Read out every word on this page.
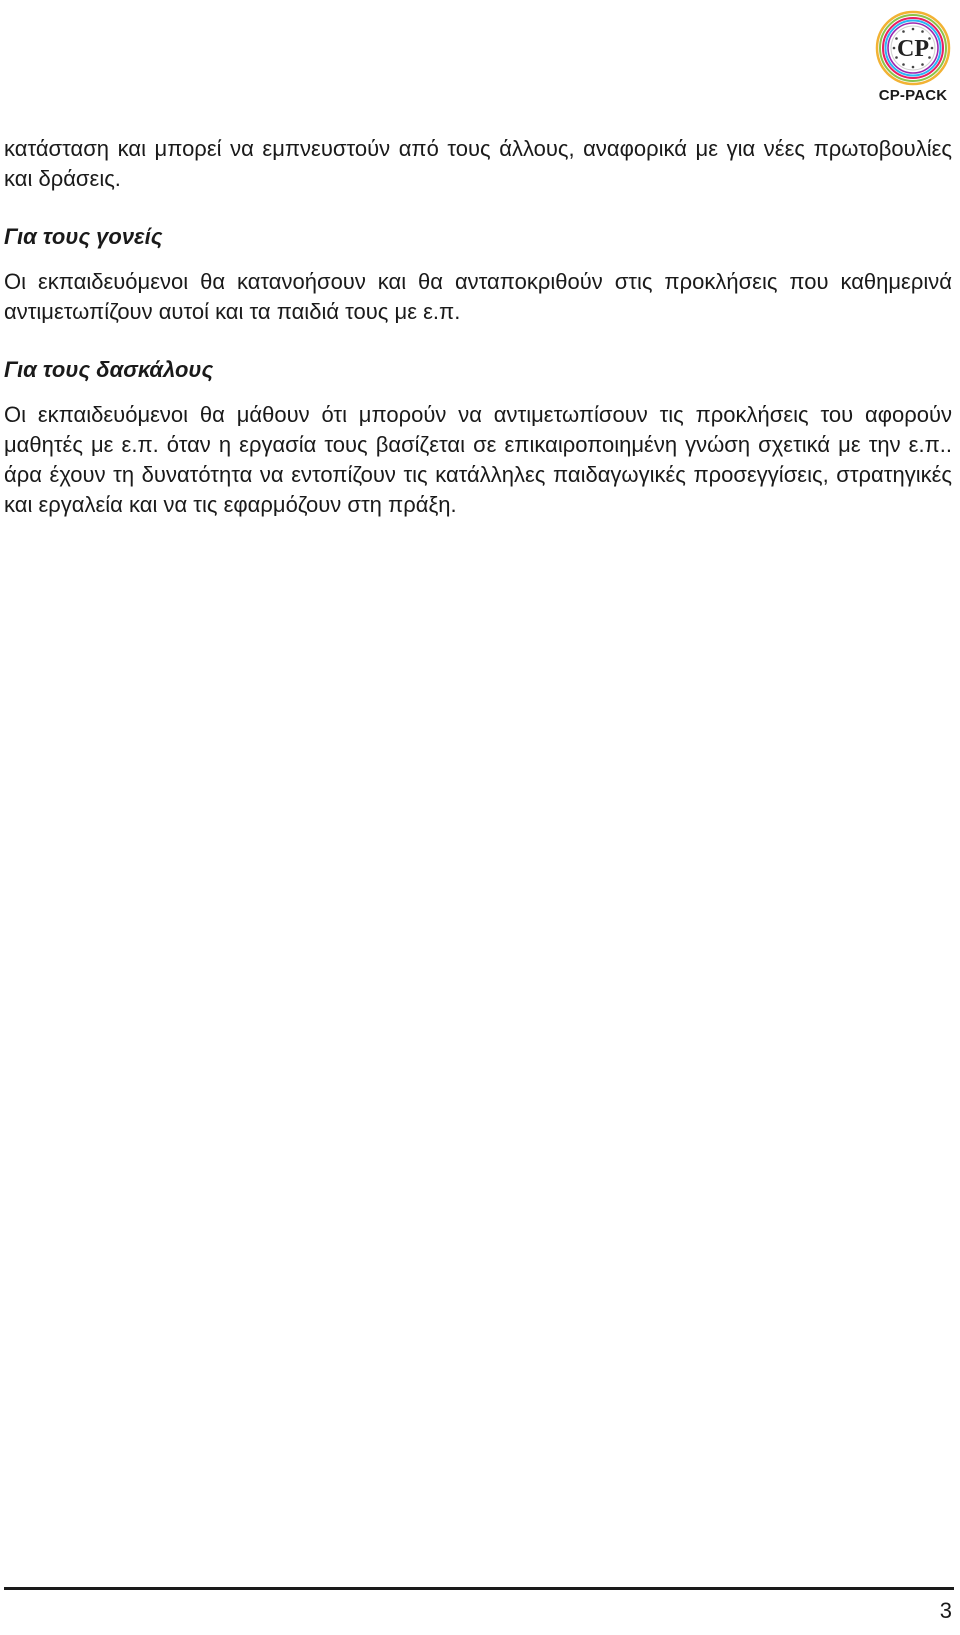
CP
CP-PACK

κατάσταση και μπορεί να εμπνευστούν από τους άλλους, αναφορικά με για νέες πρωτοβουλίες και δράσεις.

Για τους γονείς

Οι εκπαιδευόμενοι θα κατανοήσουν και θα ανταποκριθούν στις προκλήσεις που καθημερινά αντιμετωπίζουν αυτοί και τα παιδιά τους με ε.π.

Για τους δασκάλους

Οι εκπαιδευόμενοι θα μάθουν ότι μπορούν να αντιμετωπίσουν τις προκλήσεις του αφορούν μαθητές με ε.π. όταν η εργασία τους βασίζεται σε επικαιροποιημένη γνώση σχετικά με την ε.π.. άρα έχουν τη δυνατότητα να εντοπίζουν τις κατάλληλες παιδαγωγικές προσεγγίσεις, στρατηγικές και εργαλεία και να τις εφαρμόζουν στη πράξη.

3
